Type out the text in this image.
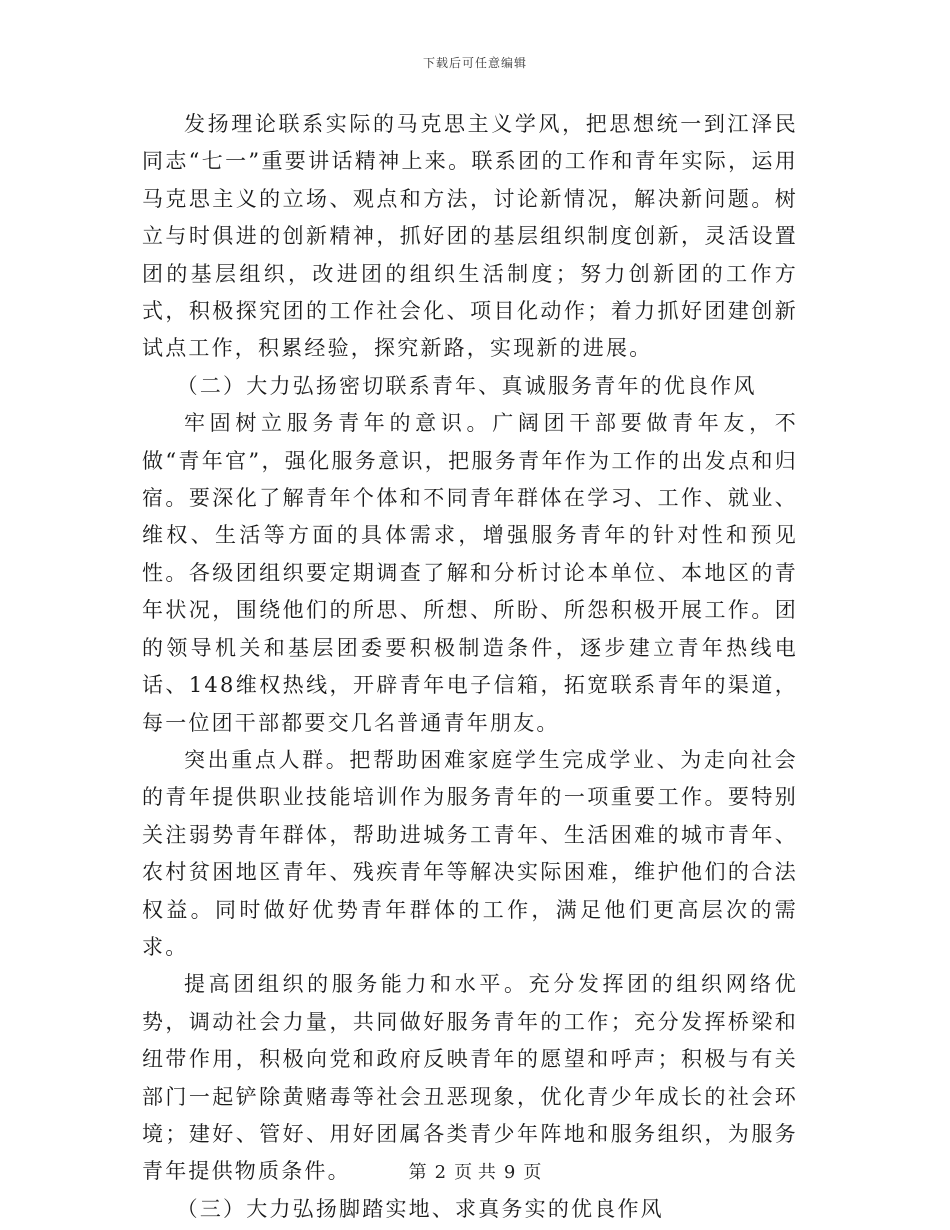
下载后可任意编辑

发扬理论联系实际的马克思主义学风，把思想统一到江泽民同志“七一”重要讲话精神上来。联系团的工作和青年实际，运用马克思主义的立场、观点和方法，讨论新情况，解决新问题。树立与时俱进的创新精神，抓好团的基层组织制度创新，灵活设置团的基层组织，改进团的组织生活制度；努力创新团的工作方式，积极探究团的工作社会化、项目化动作；着力抓好团建创新试点工作，积累经验，探究新路，实现新的进展。

（二）大力弘扬密切联系青年、真诚服务青年的优良作风

牢固树立服务青年的意识。广阔团干部要做青年友，不做“青年官”，强化服务意识，把服务青年作为工作的出发点和归宿。要深化了解青年个体和不同青年群体在学习、工作、就业、维权、生活等方面的具体需求，增强服务青年的针对性和预见性。各级团组织要定期调查了解和分析讨论本单位、本地区的青年状况，围绕他们的所思、所想、所盼、所怨积极开展工作。团的领导机关和基层团委要积极制造条件，逐步建立青年热线电话、148维权热线，开辟青年电子信箱，拓宽联系青年的渠道，每一位团干部都要交几名普通青年朋友。

突出重点人群。把帮助困难家庭学生完成学业、为走向社会的青年提供职业技能培训作为服务青年的一项重要工作。要特别关注弱势青年群体，帮助进城务工青年、生活困难的城市青年、农村贫困地区青年、残疾青年等解决实际困难，维护他们的合法权益。同时做好优势青年群体的工作，满足他们更高层次的需求。

提高团组织的服务能力和水平。充分发挥团的组织网络优势，调动社会力量，共同做好服务青年的工作；充分发挥桥梁和纽带作用，积极向党和政府反映青年的愿望和呼声；积极与有关部门一起铲除黄赌毒等社会丑恶现象，优化青少年成长的社会环境；建好、管好、用好团属各类青少年阵地和服务组织，为服务青年提供物质条件。

（三）大力弘扬脚踏实地、求真务实的优良作风

第 2 页 共 9 页
